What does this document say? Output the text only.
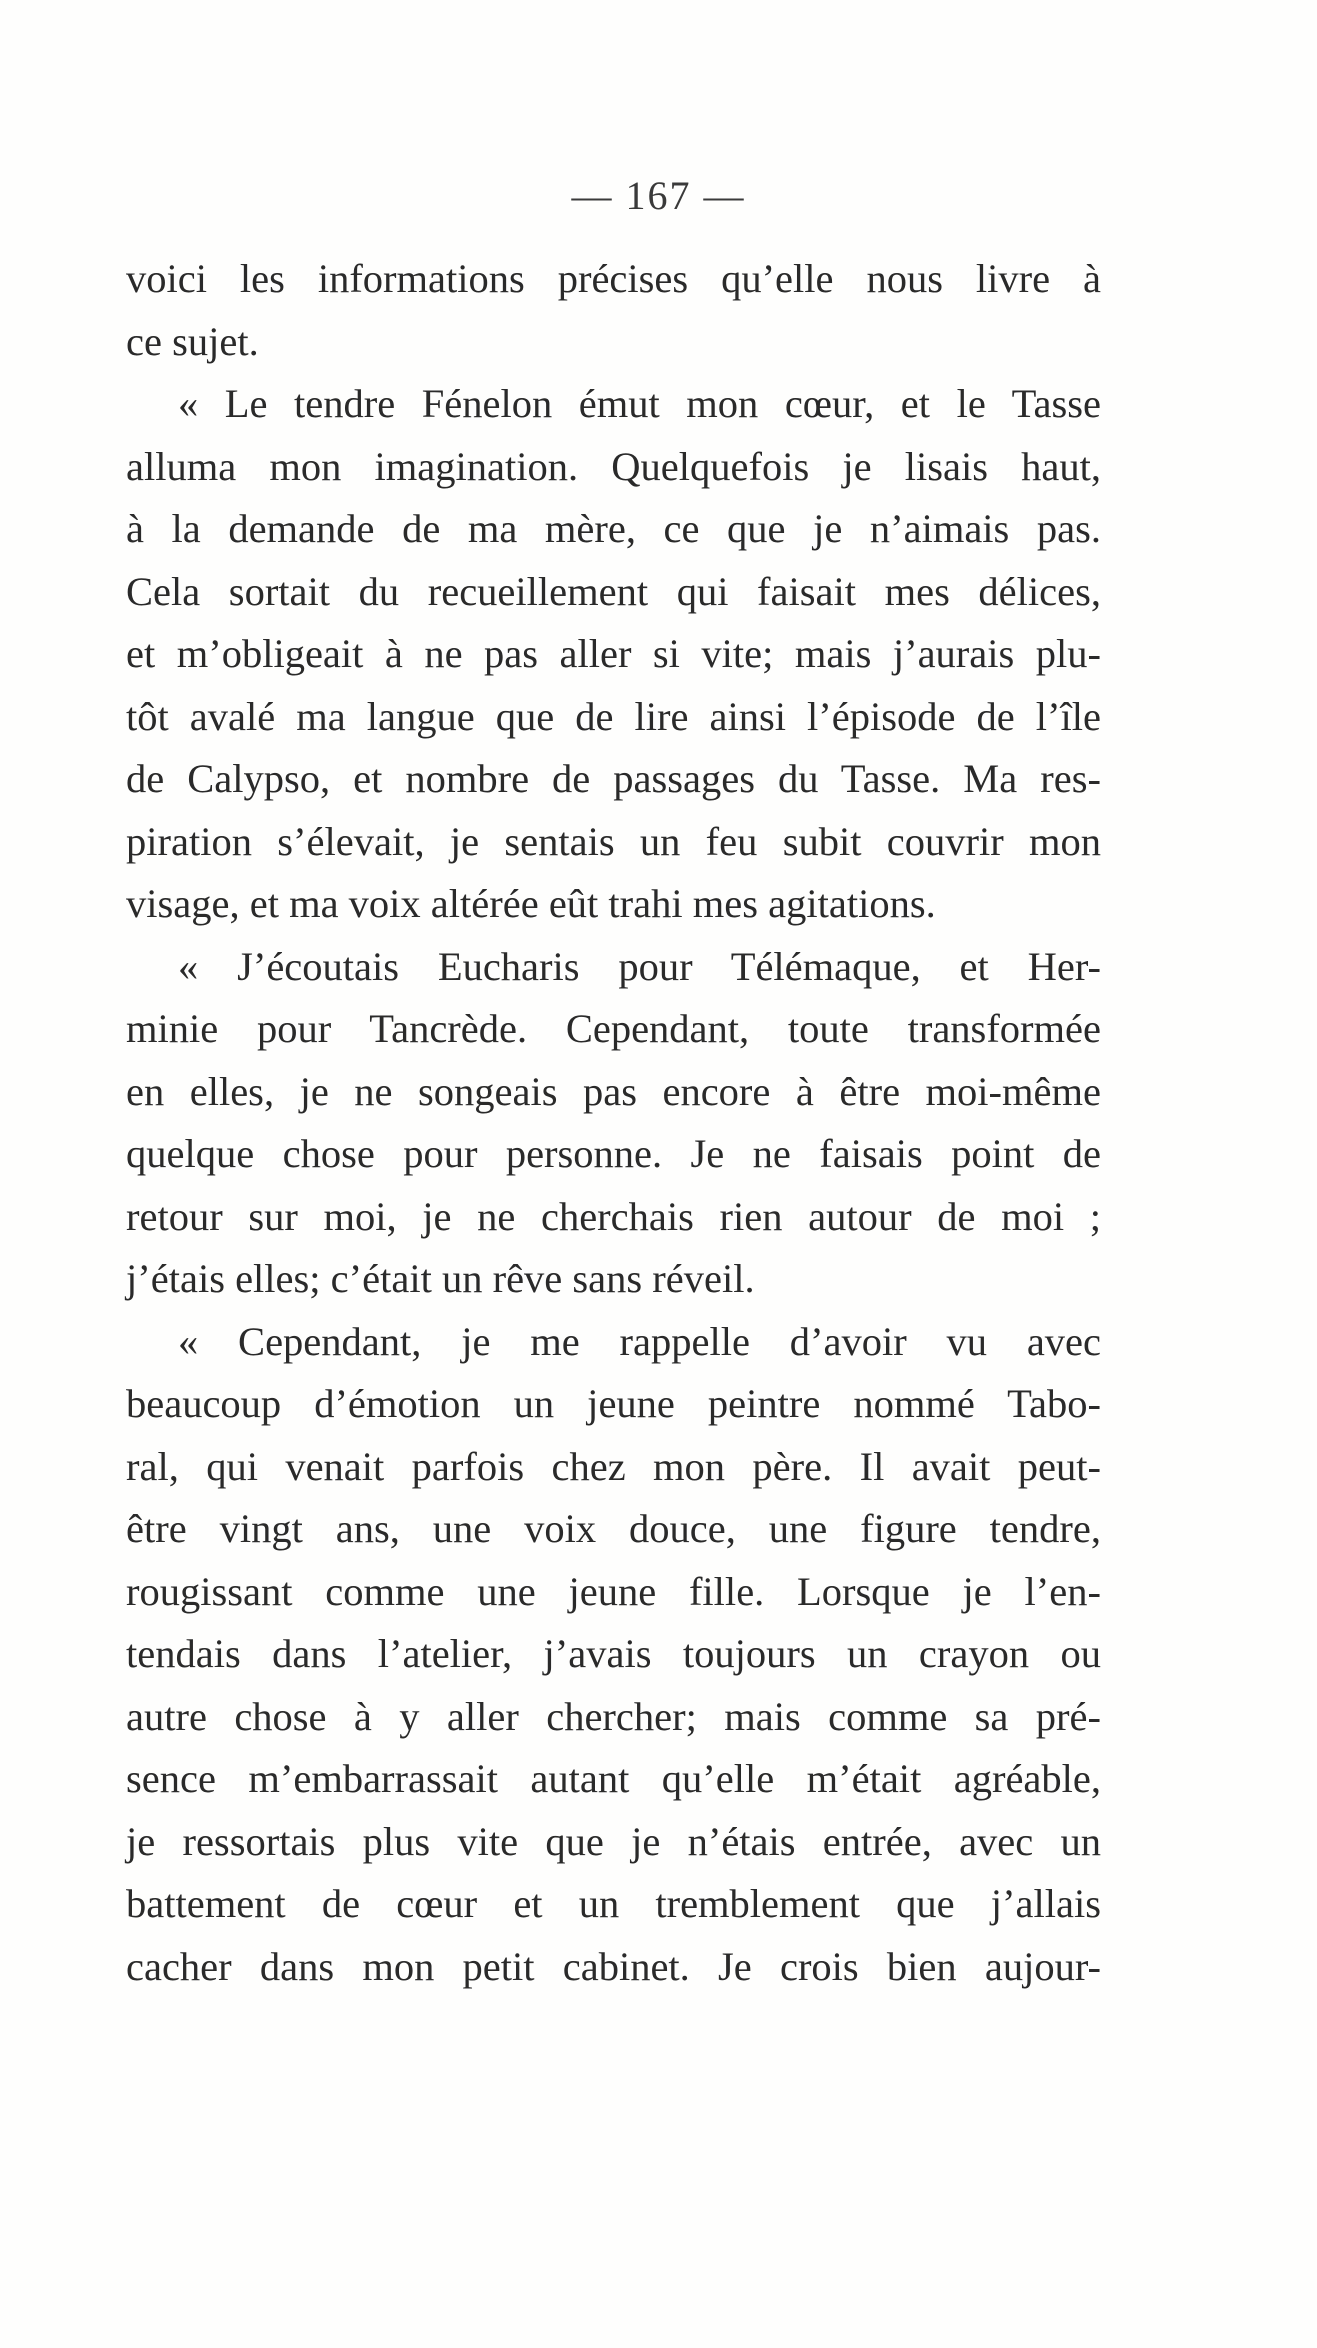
— 167 —
voici les informations précises qu’elle nous livre à
ce sujet.
« Le tendre Fénelon émut mon cœur, et le Tasse
alluma mon imagination. Quelquefois je lisais haut,
à la demande de ma mère, ce que je n’aimais pas.
Cela sortait du recueillement qui faisait mes délices,
et m’obligeait à ne pas aller si vite; mais j’aurais plu-
tôt avalé ma langue que de lire ainsi l’épisode de l’île
de Calypso, et nombre de passages du Tasse. Ma res-
piration s’élevait, je sentais un feu subit couvrir mon
visage, et ma voix altérée eût trahi mes agitations.
« J’écoutais Eucharis pour Télémaque, et Her-
minie pour Tancrède. Cependant, toute transformée
en elles, je ne songeais pas encore à être moi-même
quelque chose pour personne. Je ne faisais point de
retour sur moi, je ne cherchais rien autour de moi ;
j’étais elles; c’était un rêve sans réveil.
« Cependant, je me rappelle d’avoir vu avec
beaucoup d’émotion un jeune peintre nommé Tabo-
ral, qui venait parfois chez mon père. Il avait peut-
être vingt ans, une voix douce, une figure tendre,
rougissant comme une jeune fille. Lorsque je l’en-
tendais dans l’atelier, j’avais toujours un crayon ou
autre chose à y aller chercher; mais comme sa pré-
sence m’embarrassait autant qu’elle m’était agréable,
je ressortais plus vite que je n’étais entrée, avec un
battement de cœur et un tremblement que j’allais
cacher dans mon petit cabinet. Je crois bien aujour-
